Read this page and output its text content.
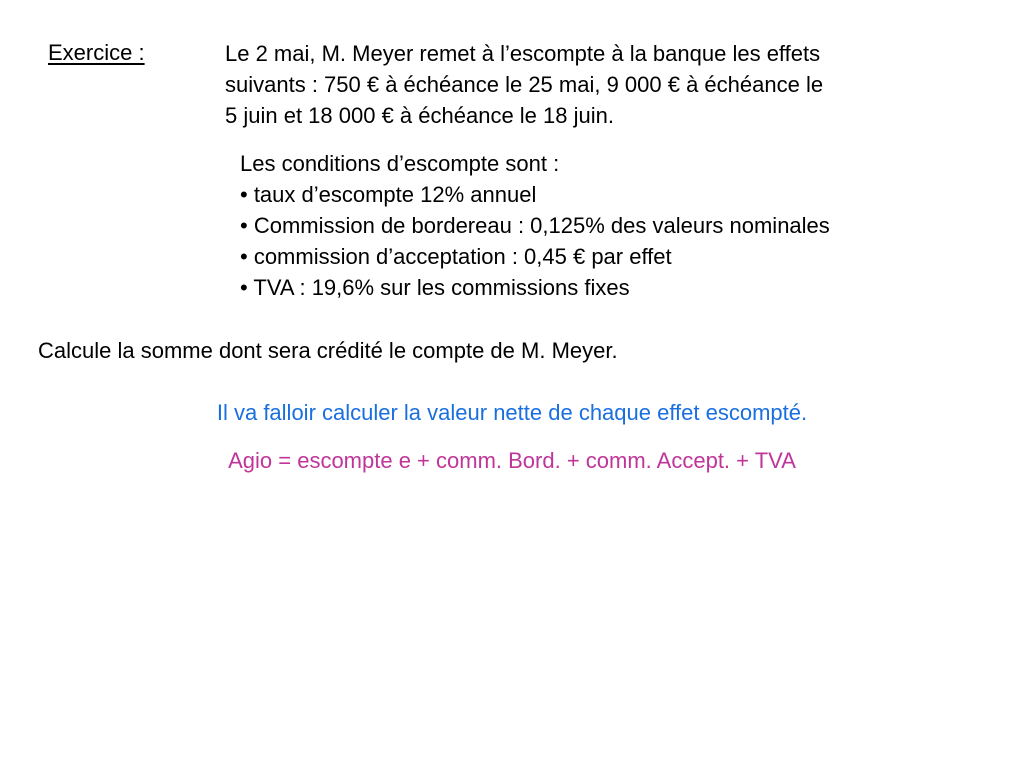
Exercice :	Le 2 mai, M. Meyer remet à l’escompte à la banque les effets
suivants : 750 € à échéance le 25 mai, 9 000 € à échéance le
5 juin et 18 000 € à échéance le 18 juin.
Les conditions d’escompte sont :
• taux d’escompte 12% annuel
• Commission de bordereau : 0,125% des valeurs nominales
• commission d’acceptation : 0,45 € par effet
• TVA : 19,6% sur les commissions fixes
Calcule la somme dont sera crédité le compte de M. Meyer.
Il va falloir calculer la valeur nette de chaque effet escompté.
Agio = escompte e + comm. Bord. + comm. Accept. + TVA
